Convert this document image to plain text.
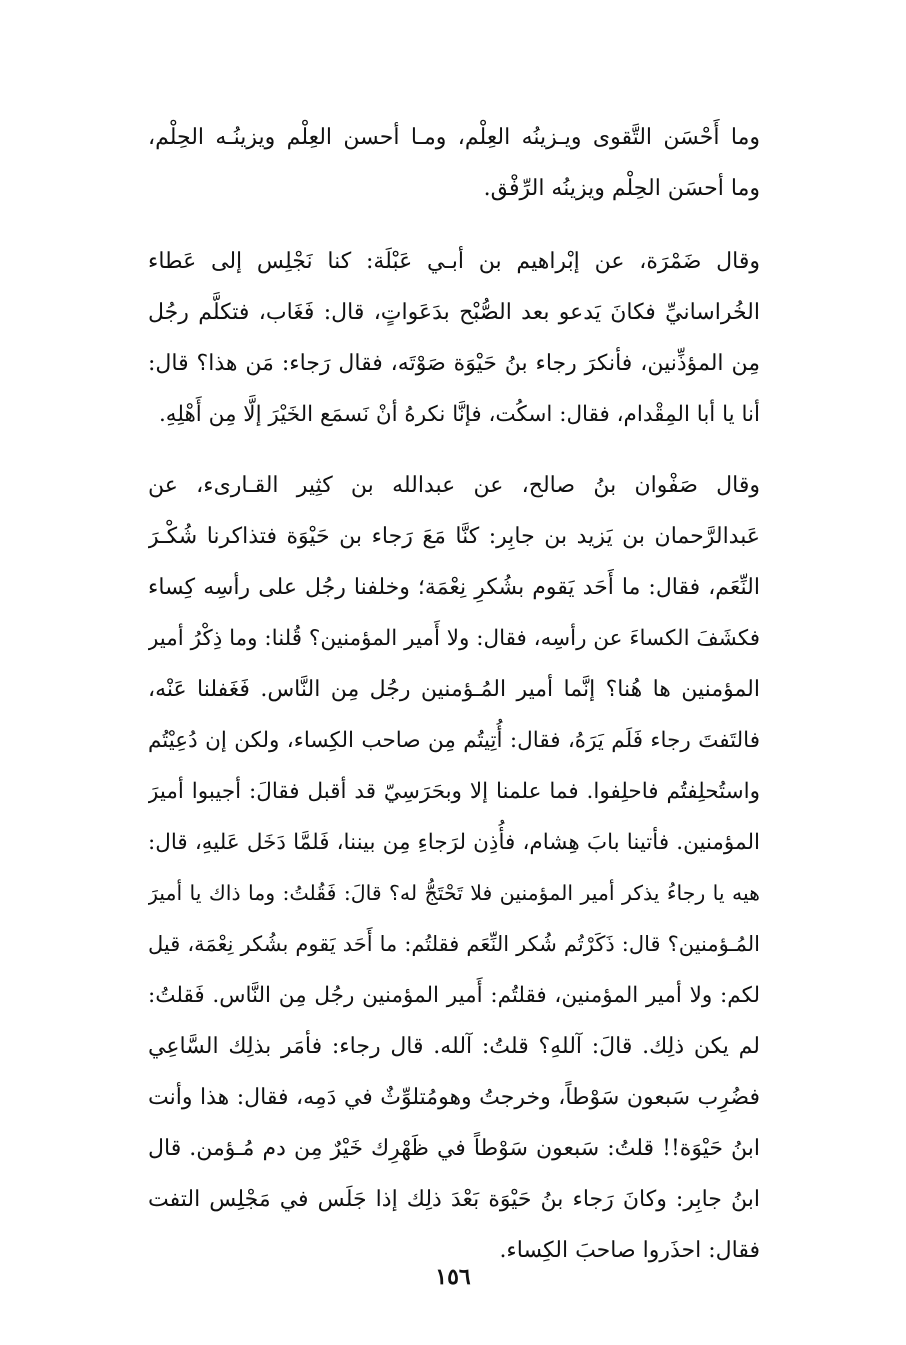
وما أَحْسَن التَّقوى ويـزينُه العِلْم، ومـا أحسن العِلْم ويزينُـه الحِلْم،
وما أحسَن الحِلْم ويزينُه الرِّفْق.
وقال ضَمْرَة، عن إبْراهيم بن أبـي عَبْلَة: كنا نَجْلِس إلى عَطاء
الخُراسانيِّ فكانَ يَدعو بعد الصُّبْح بدَعَواتٍ، قال: فَغَاب، فتكلَّم رجُل
مِن المؤذِّنين، فأنكرَ رجاء بنُ حَيْوَة صَوْتَه، فقال رَجاء: مَن هذا؟ قال:
أنا يا أبا المِقْدام، فقال: اسكُت، فإنَّا نكرهُ أنْ نَسمَع الخَيْرَ إلَّا مِن أَهْلِهِ.
وقال صَفْوان بنُ صالح، عن عبدالله بن كثِير القـارىء، عن
عَبدالرَّحمان بن يَزيد بن جابِر: كنَّا مَعَ رَجاء بن حَيْوَة فتذاكرنا شُكْـرَ
النِّعَم، فقال: ما أَحَد يَقوم بشُكرِ نِعْمَة؛ وخلفنا رجُل على رأسِه كِساء
فكشَفَ الكساءَ عن رأسِه، فقال: ولا أَمير المؤمنين؟ قُلنا: وما ذِكْرُ أمير
المؤمنين ها هُنا؟ إنَّما أمير المُـؤمنين رجُل مِن النَّاس. فَغَفلنا عَنْه،
فالتَفتَ رجاء فَلَم يَرَهُ، فقال: أُتِيتُم مِن صاحب الكِساء، ولكن إن دُعِيْتُم
واستُحلِفتُم فاحلِفوا. فما علمنا إلا وبحَرَسِيّ قد أقبل فقالَ: أجيبوا أميرَ
المؤمنين. فأتينا بابَ هِشام، فأُذِن لرَجاءِ مِن بيننا، فَلمَّا دَخَل عَليهِ، قال:
هيه يا رجاءُ يذكر أمير المؤمنين فلا تَحْتَجُّ له؟ قالَ: فَقُلتُ: وما ذاك يا أميرَ
المُـؤمنين؟ قال: ذَكَرْتُم شُكر النِّعَم فقلتُم: ما أَحَد يَقوم بشُكر نِعْمَة، قيل
لكم: ولا أمير المؤمنين، فقلتُم: أَمير المؤمنين رجُل مِن النَّاس. فَقلتُ:
لم يكن ذلِك. قالَ: آللهِ؟ قلتُ: آلله. قال رجاء: فأمَر بذلِك السَّاعِي
فضُرِب سَبعون سَوْطاً، وخرجتُ وهومُتلوِّثٌ في دَمِه، فقال: هذا وأنت
ابنُ حَيْوَة!! قلتُ: سَبعون سَوْطاً في ظَهْرِك خَيْرٌ مِن دم مُـؤمن. قال
ابنُ جابِر: وكانَ رَجاء بنُ حَيْوَة بَعْدَ ذلِك إذا جَلَس في مَجْلِس التفت
فقال: احذَروا صاحبَ الكِساء.
١٥٦
